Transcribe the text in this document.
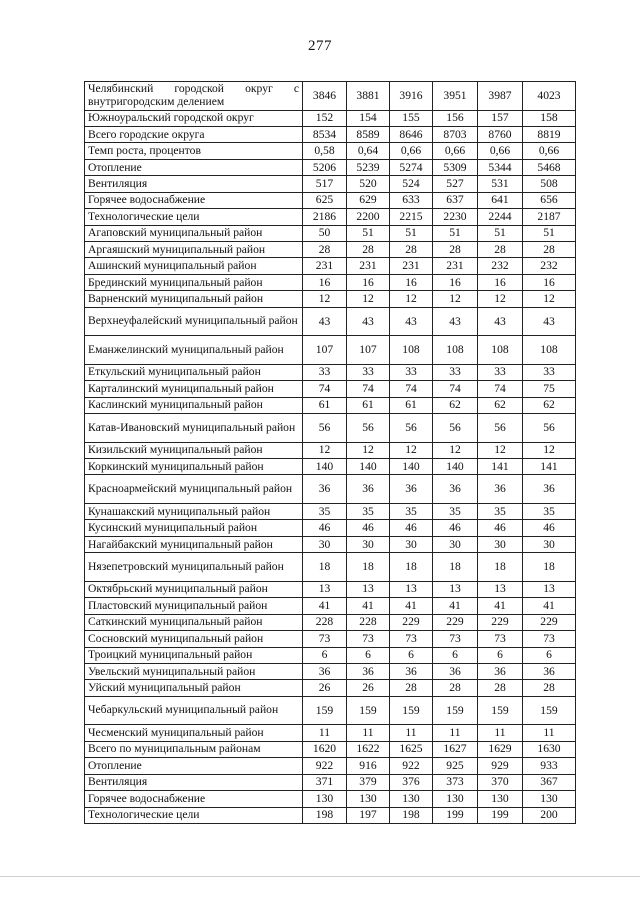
277
Челябинский городской округ с внутригородским делением	3846	3881	3916	3951	3987	4023
Южноуральский городской округ	152	154	155	156	157	158
Всего городские округа	8534	8589	8646	8703	8760	8819
Темп роста, процентов	0,58	0,64	0,66	0,66	0,66	0,66
Отопление	5206	5239	5274	5309	5344	5468
Вентиляция	517	520	524	527	531	508
Горячее водоснабжение	625	629	633	637	641	656
Технологические цели	2186	2200	2215	2230	2244	2187
Агаповский муниципальный район	50	51	51	51	51	51
Аргаяшский муниципальный район	28	28	28	28	28	28
Ашинский муниципальный район	231	231	231	231	232	232
Брединский муниципальный район	16	16	16	16	16	16
Варненский муниципальный район	12	12	12	12	12	12
Верхнеуфалейский муниципальный район	43	43	43	43	43	43
Еманжелинский муниципальный район	107	107	108	108	108	108
Еткульский муниципальный район	33	33	33	33	33	33
Карталинский муниципальный район	74	74	74	74	74	75
Каслинский муниципальный район	61	61	61	62	62	62
Катав-Ивановский муниципальный район	56	56	56	56	56	56
Кизильский муниципальный район	12	12	12	12	12	12
Коркинский муниципальный район	140	140	140	140	141	141
Красноармейский муниципальный район	36	36	36	36	36	36
Кунашакский муниципальный район	35	35	35	35	35	35
Кусинский муниципальный район	46	46	46	46	46	46
Нагайбакский муниципальный район	30	30	30	30	30	30
Нязепетровский муниципальный район	18	18	18	18	18	18
Октябрьский муниципальный район	13	13	13	13	13	13
Пластовский муниципальный район	41	41	41	41	41	41
Саткинский муниципальный район	228	228	229	229	229	229
Сосновский муниципальный район	73	73	73	73	73	73
Троицкий муниципальный район	6	6	6	6	6	6
Увельский муниципальный район	36	36	36	36	36	36
Уйский муниципальный район	26	26	28	28	28	28
Чебаркульский муниципальный район	159	159	159	159	159	159
Чесменский муниципальный район	11	11	11	11	11	11
Всего по муниципальным районам	1620	1622	1625	1627	1629	1630
Отопление	922	916	922	925	929	933
Вентиляция	371	379	376	373	370	367
Горячее водоснабжение	130	130	130	130	130	130
Технологические цели	198	197	198	199	199	200
